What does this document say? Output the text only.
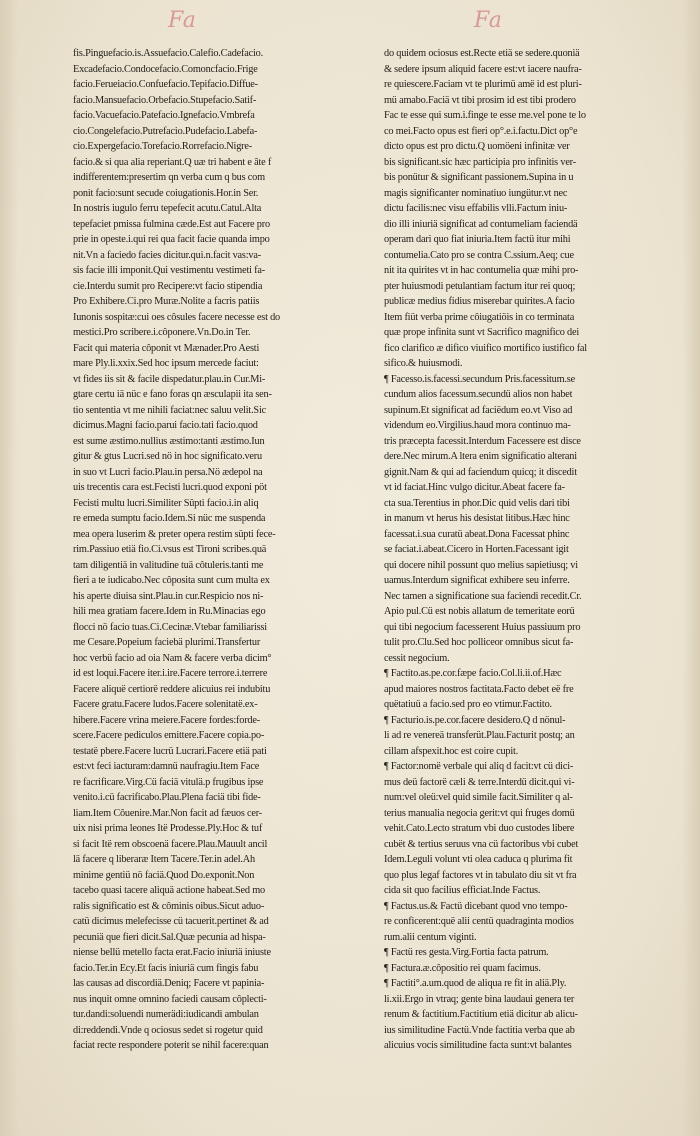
Fa	Fa
fis.Pinguefacio.is.Assuefacio.Calefio.Cadefacio.
Excadefacio.Condocefacio.Comoncfacio.Frige
facio.Ferueiacio.Confuefacio.Tepifacio.Diffue-
facio.Mansuefacio.Orbefacio.Stupefacio.Satif-
facio.Vacuefacio.Patefacio.Ignefacio.Vmbrefa
cio.Congelefacio.Putrefacio.Pudefacio.Labefa-
cio.Expergefacio.Torefacio.Rorrefacio.Nigre-
facio.& si qua alia reperiant.Q uæ tri habent e âte f
indifferentem:presertim qn verba cum q bus com
ponit facio:sunt secude coiugationis.Hor.in Ser.
In nostris iugulo ferru tepefecit acutu.Catul.Alta
tepefaciet pmissa fulmina cæde.Est aut Facere pro
prie in opeste.i.qui rei qua facit facie quanda impo
nit.Vn a faciedo facies dicitur.qui.n.facit vas:va-
sis facie illi imponit.Qui vestimentu vestimeti fa-
cie.Interdu sumit pro Recipere:vt facio stipendia
Pro Exhibere.Ci.pro Muræ.Nolite a facris patiis
Iunonis sospitæ:cui oes côsules facere necesse est do
mestici.Pro scribere.i.côponere.Vn.Do.in Ter.
Facit qui materia côponit vt Mænader.Pro Aesti
mare Ply.li.xxix.Sed hoc ipsum mercede faciut:
vt fides iis sit & facile dispedatur.plau.in Cur.Mi-
gtare certu iä nüc e fano foras qn æsculapii ita sen-
tio sententia vt me nihili faciat:nec saluu velit.Sic
dicimus.Magni facio.parui facio.tati facio.quod
est sume æstimo.nullius æstimo:tanti æstimo.Iun
gitur & gtus Lucri.sed nö in hoc significato.veru
in suo vt Lucri facio.Plau.in persa.Nö ædepol na
uis trecentis cara est.Fecisti lucri.quod exponi pöt
Fecisti multu lucri.Similiter Sûpti facio.i.in aliq
re emeda sumptu facio.Idem.Si nüc me suspenda
mea opera luserim & preter opera restim süpti fece-
rim.Passiuo etiä fio.Ci.vsus est Tironi scribes.quä
tam diligentiä in valitudine tuä côtuleris.tanti me
fieri a te iudicabo.Nec côposita sunt cum multa ex
his aperte diuisa sint.Plau.in cur.Respicio nos ni-
hili mea gratiam facere.Idem in Ru.Minacias ego
flocci nö facio tuas.Ci.Cecinæ.Vtebar familiarissi
me Cesare.Popeium faciebä plurimi.Transfertur
hoc verbü facio ad oia Nam & facere verba dicim°
id est loqui.Facere iter.i.ire.Facere terrore.i.terrere
Facere aliquë certiorë reddere alicuius rei indubitu
Facere gratu.Facere ludos.Facere solenitatë.ex-
hibere.Facere vrina meiere.Facere fordes:forde-
scere.Facere pediculos emittere.Facere copia.po-
testatë pbere.Facere lucrü Lucrari.Facere etiä pati
est:vt feci iacturam:damnü naufragiu.Item Face
re facrificare.Virg.Cü faciä vitulä.p frugibus ipse
venito.i.cü facrificabo.Plau.Plena faciä tibi fide-
liam.Item Côuenire.Mar.Non facit ad fæuos cer-
uix nisi prima leones Itë Prodesse.Ply.Hoc & tuf
si facit Itë rem obscoenä facere.Plau.Mauult ancil
lä facere q liberaræ Item Tacere.Ter.in adel.Ah
minime gentiü nö faciä.Quod Do.exponit.Non
tacebo quasi tacere aliquä actione habeat.Sed mo
ralis significatio est & côminis oibus.Sicut aduo-
catü dicimus melefecisse cü tacuerit.pertinet & ad
pecuniä que fieri dicit.Sal.Quæ pecunia ad hispa-
niense bellü metello facta erat.Facio iniuriä iniuste
facio.Ter.in Ecy.Et facis iniuriä cum fingis fabu
las causas ad discordiä.Deniq; Facere vt papinia-
nus inquit omne omnino faciedi causam côplecti-
tur.dandi:soluendi numerädi:iudicandi ambulan
di:reddendi.Vnde q ociosus sedet si rogetur quid
faciat recte respondere poterit se nihil facere:quan
do quidem ociosus est.Recte etiä se sedere.quoniä
& sedere ipsum aliquid facere est:vt iacere naufra-
re quiescere.Faciam vt te plurimü amë id est pluri-
mü amabo.Faciä vt tibi prosim id est tibi prodero
Fac te esse qui sum.i.finge te esse me.vel pone te lo
co mei.Facto opus est fieri op°.e.i.factu.Dict op°e
dicto opus est pro dictu.Q uomöeni infinitæ ver
bis significant.sic hæc participia pro infinitis ver-
bis ponütur & significant passionem.Supina in u
magis significanter nominatiuo iungütur.vt nec
dictu facilis:nec visu effabilis vlli.Factum iniu-
dio illi iniuriä significat ad contumeliam faciendä
operam dari quo fiat iniuria.Item factü itur mihi
contumelia.Cato pro se contra C.ssium.Aeq; cue
nit ita quirites vt in hac contumelia quæ mihi pro-
pter huiusmodi petulantiam factum itur rei quoq;
publicæ medius fidius miserebar quirites.A facio
Item fiüt verba prime côiugatiöis in co terminata
quæ prope infinita sunt vt Sacrifico magnifico dei
fico clarifico æ difico viuifico mortifico iustifico fal
sifico.& huiusmodi.
¶ Facesso.is.facessi.secundum Pris.facessitum.se
cundum alios facessum.secundü alios non habet
supinum.Et significat ad faciëdum eo.vt Viso ad
videndum eo.Virgilius.haud mora continuo ma-
tris præcepta facessit.Interdum Facessere est disce
dere.Nec mirum.A ltera enim significatio alterani
gignit.Nam & qui ad faciendum quicq; it discedit
vt id faciat.Hinc vulgo dicitur.Abeat facere fa-
cta sua.Terentius in phor.Dic quid velis dari tibi
in manum vt herus his desistat litibus.Hæc hinc
facessat.i.sua curatü abeat.Dona Facessat phinc
se faciat.i.abeat.Cicero in Horten.Facessant igit
qui docere nihil possunt quo melius sapietiusq; vi
uamus.Interdum significat exhibere seu inferre.
Nec tamen a significatione sua faciendi recedit.Cr.
Apio pul.Cü est nobis allatum de temeritate eorü
qui tibi negocium facesserent Huius passiuum pro
tulit pro.Clu.Sed hoc polliceor omnibus sicut fa-
cessit negocium.
¶ Factito.as.pe.cor.fæpe facio.Col.li.ii.of.Hæc
apud maiores nostros factitata.Facto debet eë fre
quëtatiuü a facio.sed pro eo vtimur.Factito.
¶ Facturio.is.pe.cor.facere desidero.Q d nönul-
li ad re venereä transferüt.Plau.Facturit postq; an
cillam afspexit.hoc est coire cupit.
¶ Factor:nomë verbale qui aliq d facit:vt cü dici-
mus deü factorë cæli & terre.Interdü dicit.qui vi-
num:vel oleü:vel quid simile facit.Similiter q al-
terius manualia negocia gerit:vt qui fruges domü
vehit.Cato.Lecto stratum vbi duo custodes libere
cubët & tertius seruus vna cü factoribus vbi cubet
Idem.Leguli volunt vti olea caduca q plurima fit
quo plus legaf factores vt in tabulato diu sit vt fra
cida sit quo facilius efficiat.Inde Factus.
¶ Factus.us.& Factü dicebant quod vno tempo-
re conficerent:quë alii centü quadraginta modios
rum.alii centum viginti.
¶ Factü res gesta.Virg.Fortia facta patrum.
¶ Factura.æ.côpositio rei quam facimus.
¶ Factiti°.a.um.quod de aliqua re fit in aliä.Ply.
li.xii.Ergo in vtraq; gente bina laudaui genera ter
renum & factitium.Factitium etiä dicitur ab alicu-
ius similitudine Factü.Vnde factitia verba que ab
alicuius vocis similitudine facta sunt:vt balantes
